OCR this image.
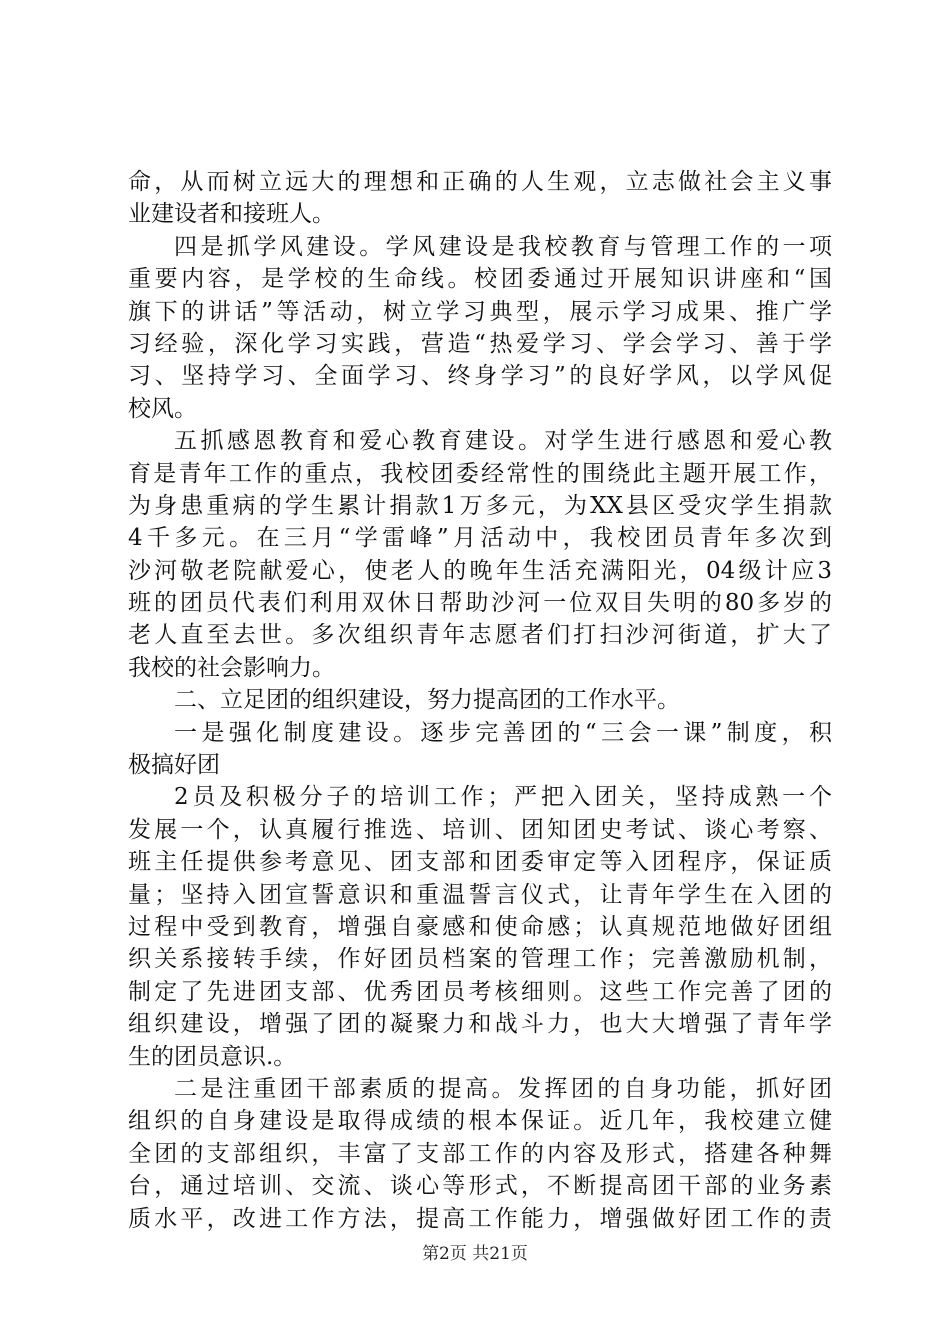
命，从而树立远大的理想和正确的人生观，立志做社会主义事
业建设者和接班人。
四是抓学风建设。学风建设是我校教育与管理工作的一项
重要内容，是学校的生命线。校团委通过开展知识讲座和“国
旗下的讲话”等活动，树立学习典型，展示学习成果、推广学
习经验，深化学习实践，营造“热爱学习、学会学习、善于学
习、坚持学习、全面学习、终身学习”的良好学风，以学风促
校风。
五抓感恩教育和爱心教育建设。对学生进行感恩和爱心教
育是青年工作的重点，我校团委经常性的围绕此主题开展工作，
为身患重病的学生累计捐款1万多元，为XX县区受灾学生捐款
4千多元。在三月“学雷峰”月活动中，我校团员青年多次到
沙河敬老院献爱心，使老人的晚年生活充满阳光，04级计应3
班的团员代表们利用双休日帮助沙河一位双目失明的80多岁的
老人直至去世。多次组织青年志愿者们打扫沙河街道，扩大了
我校的社会影响力。
二、立足团的组织建设，努力提高团的工作水平。
一是强化制度建设。逐步完善团的“三会一课”制度，积
极搞好团
2员及积极分子的培训工作；严把入团关，坚持成熟一个
发展一个，认真履行推选、培训、团知团史考试、谈心考察、
班主任提供参考意见、团支部和团委审定等入团程序，保证质
量；坚持入团宣誓意识和重温誓言仪式，让青年学生在入团的
过程中受到教育，增强自豪感和使命感；认真规范地做好团组
织关系接转手续，作好团员档案的管理工作；完善激励机制，
制定了先进团支部、优秀团员考核细则。这些工作完善了团的
组织建设，增强了团的凝聚力和战斗力，也大大增强了青年学
生的团员意识.。
二是注重团干部素质的提高。发挥团的自身功能，抓好团
组织的自身建设是取得成绩的根本保证。近几年，我校建立健
全团的支部组织，丰富了支部工作的内容及形式，搭建各种舞
台，通过培训、交流、谈心等形式，不断提高团干部的业务素
质水平，改进工作方法，提高工作能力，增强做好团工作的责
第2页 共21页
